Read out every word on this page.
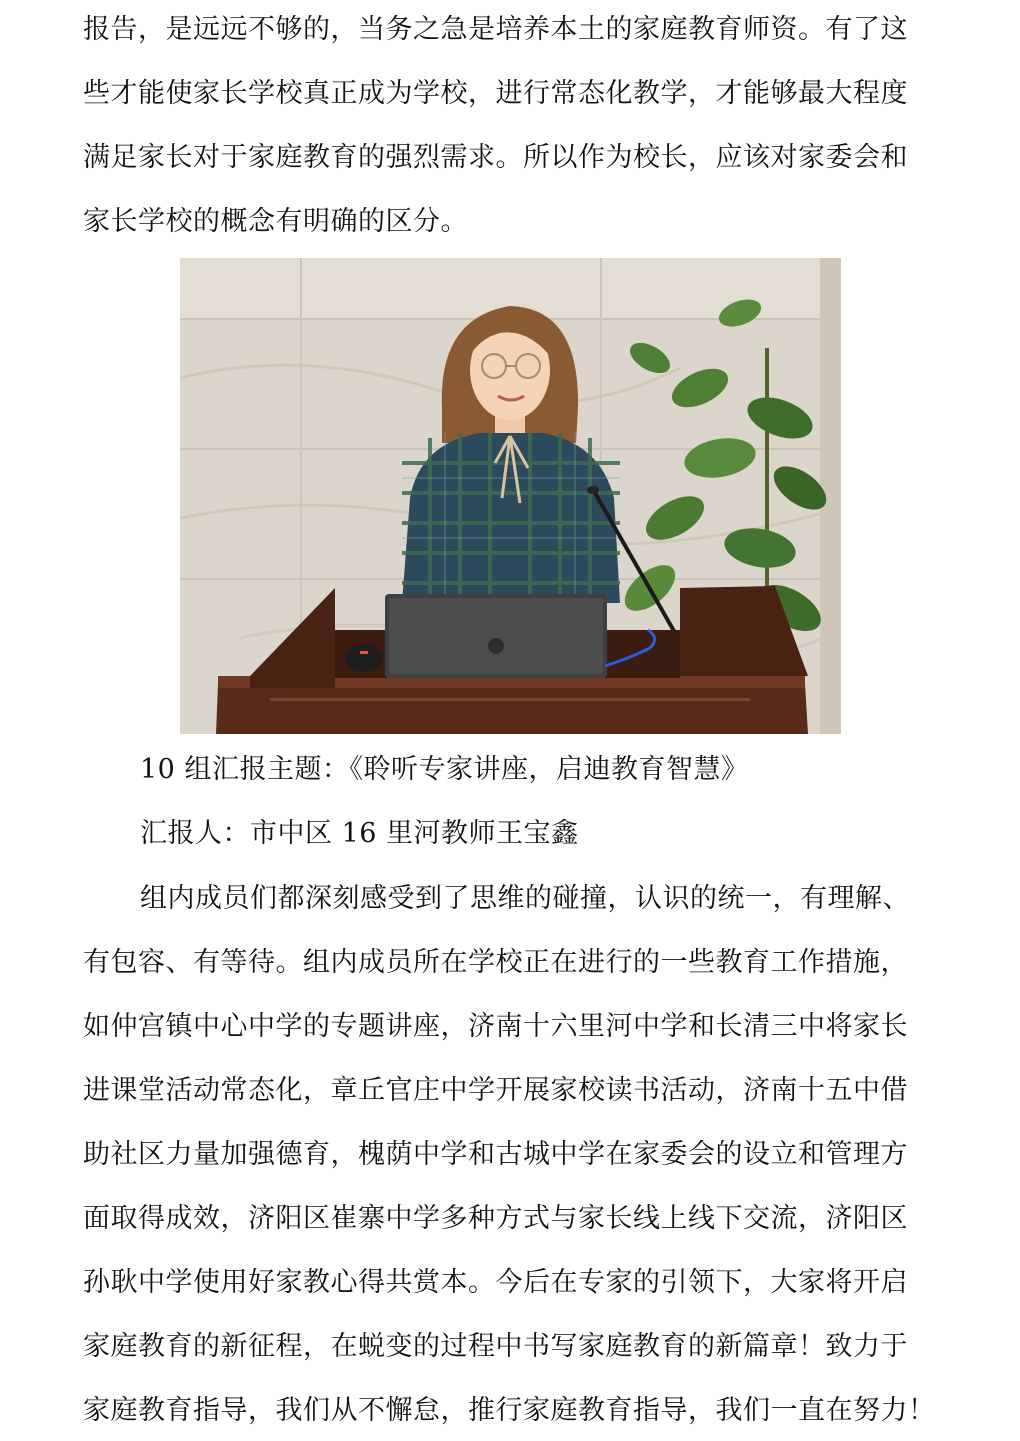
报告，是远远不够的，当务之急是培养本土的家庭教育师资。有了这
些才能使家长学校真正成为学校，进行常态化教学，才能够最大程度
满足家长对于家庭教育的强烈需求。所以作为校长，应该对家委会和
家长学校的概念有明确的区分。
10 组汇报主题：《聆听专家讲座，启迪教育智慧》
汇报人：市中区 16 里河教师王宝鑫
组内成员们都深刻感受到了思维的碰撞，认识的统一，有理解、
有包容、有等待。组内成员所在学校正在进行的一些教育工作措施，
如仲宫镇中心中学的专题讲座，济南十六里河中学和长清三中将家长
进课堂活动常态化，章丘官庄中学开展家校读书活动，济南十五中借
助社区力量加强德育，槐荫中学和古城中学在家委会的设立和管理方
面取得成效，济阳区崔寨中学多种方式与家长线上线下交流，济阳区
孙耿中学使用好家教心得共赏本。今后在专家的引领下，大家将开启
家庭教育的新征程，在蜕变的过程中书写家庭教育的新篇章！致力于
家庭教育指导，我们从不懈怠，推行家庭教育指导，我们一直在努力！
